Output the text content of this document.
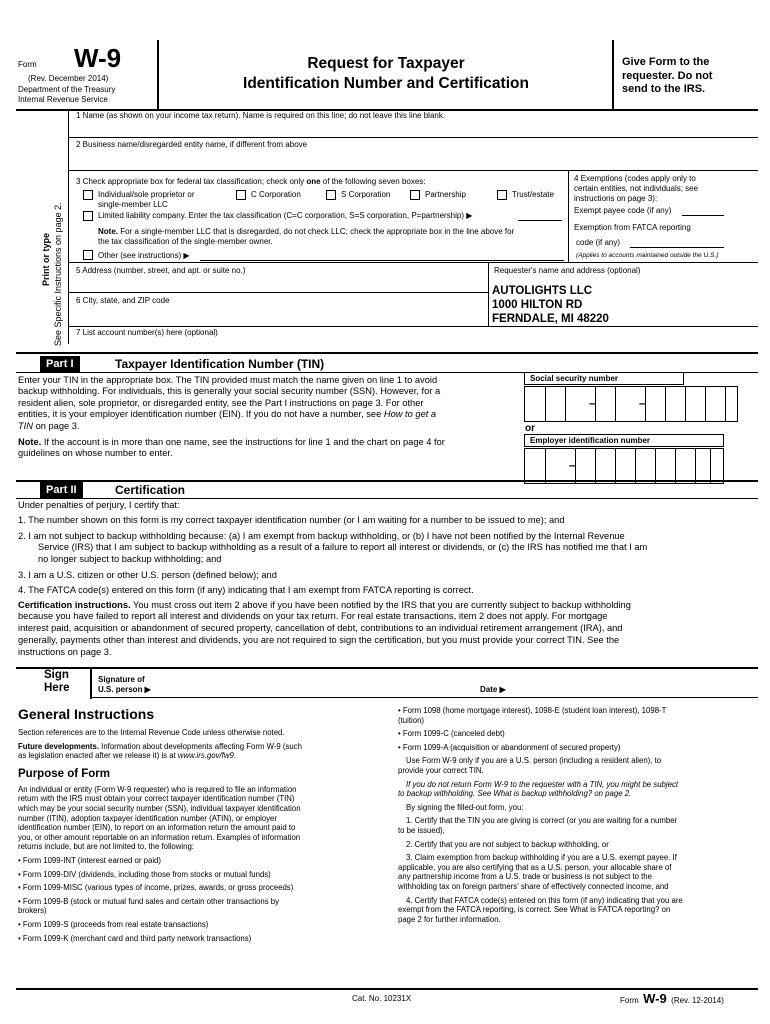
Form W-9
(Rev. December 2014)
Department of the Treasury
Internal Revenue Service
Request for Taxpayer
Identification Number and Certification
Give Form to the
requester. Do not
send to the IRS.
Print or type See Specific Instructions on page 2.
1 Name (as shown on your income tax return). Name is required on this line; do not leave this line blank.
2 Business name/disregarded entity name, if different from above
3 Check appropriate box for federal tax classification; check only one of the following seven boxes:
Individual/sole proprietor or
single-member LLC
C Corporation	S Corporation	Partnership	Trust/estate
Limited liability company. Enter the tax classification (C=C corporation, S=S corporation, P=partnership) ▶
Note. For a single-member LLC that is disregarded, do not check LLC; check the appropriate box in the line above for
the tax classification of the single-member owner.
Other (see instructions) ▶
4 Exemptions (codes apply only to
certain entities, not individuals; see
instructions on page 3):
Exempt payee code (if any)
Exemption from FATCA reporting
code (if any)
(Applies to accounts maintained outside the U.S.)
5 Address (number, street, and apt. or suite no.)	Requester's name and address (optional)
6 City, state, and ZIP code
AUTOLIGHTS LLC
1000 HILTON RD
FERNDALE, MI 48220
7 List account number(s) here (optional)
Part I	Taxpayer Identification Number (TIN)
Enter your TIN in the appropriate box. The TIN provided must match the name given on line 1 to avoid
backup withholding. For individuals, this is generally your social security number (SSN). However, for a
resident alien, sole proprietor, or disregarded entity, see the Part I instructions on page 3. For other
entities, it is your employer identification number (EIN). If you do not have a number, see How to get a
TIN on page 3.
Note. If the account is in more than one name, see the instructions for line 1 and the chart on page 4 for
guidelines on whose number to enter.
Social security number
–	–
or
Employer identification number
–
Part II	Certification
Under penalties of perjury, I certify that:
1. The number shown on this form is my correct taxpayer identification number (or I am waiting for a number to be issued to me); and
2. I am not subject to backup withholding because: (a) I am exempt from backup withholding, or (b) I have not been notified by the Internal Revenue
Service (IRS) that I am subject to backup withholding as a result of a failure to report all interest or dividends, or (c) the IRS has notified me that I am
no longer subject to backup withholding; and
3. I am a U.S. citizen or other U.S. person (defined below); and
4. The FATCA code(s) entered on this form (if any) indicating that I am exempt from FATCA reporting is correct.
Certification instructions. You must cross out item 2 above if you have been notified by the IRS that you are currently subject to backup withholding
because you have failed to report all interest and dividends on your tax return. For real estate transactions, item 2 does not apply. For mortgage
interest paid, acquisition or abandonment of secured property, cancellation of debt, contributions to an individual retirement arrangement (IRA), and
generally, payments other than interest and dividends, you are not required to sign the certification, but you must provide your correct TIN. See the
instructions on page 3.
Sign
Here
Signature of
U.S. person ▶	Date ▶
General Instructions

Section references are to the Internal Revenue Code unless otherwise noted.

Future developments. Information about developments affecting Form W-9 (such
as legislation enacted after we release it) is at www.irs.gov/fw9.

Purpose of Form

An individual or entity (Form W-9 requester) who is required to file an information
return with the IRS must obtain your correct taxpayer identification number (TIN)
which may be your social security number (SSN), individual taxpayer identification
number (ITIN), adoption taxpayer identification number (ATIN), or employer
identification number (EIN), to report on an information return the amount paid to
you, or other amount reportable on an information return. Examples of information
returns include, but are not limited to, the following:

• Form 1099-INT (interest earned or paid)

• Form 1099-DIV (dividends, including those from stocks or mutual funds)

• Form 1099-MISC (various types of income, prizes, awards, or gross proceeds)

• Form 1099-B (stock or mutual fund sales and certain other transactions by
brokers)

• Form 1099-S (proceeds from real estate transactions)

• Form 1099-K (merchant card and third party network transactions)

• Form 1098 (home mortgage interest), 1098-E (student loan interest), 1098-T
(tuition)

• Form 1099-C (canceled debt)

• Form 1099-A (acquisition or abandonment of secured property)

Use Form W-9 only if you are a U.S. person (including a resident alien), to
provide your correct TIN.

If you do not return Form W-9 to the requester with a TIN, you might be subject
to backup withholding. See What is backup withholding? on page 2.

By signing the filled-out form, you:

1. Certify that the TIN you are giving is correct (or you are waiting for a number
to be issued),

2. Certify that you are not subject to backup withholding, or

3. Claim exemption from backup withholding if you are a U.S. exempt payee. If
applicable, you are also certifying that as a U.S. person, your allocable share of
any partnership income from a U.S. trade or business is not subject to the
withholding tax on foreign partners' share of effectively connected income, and

4. Certify that FATCA code(s) entered on this form (if any) indicating that you are
exempt from the FATCA reporting, is correct. See What is FATCA reporting? on
page 2 for further information.

Cat. No. 10231X	Form W-9 (Rev. 12-2014)
